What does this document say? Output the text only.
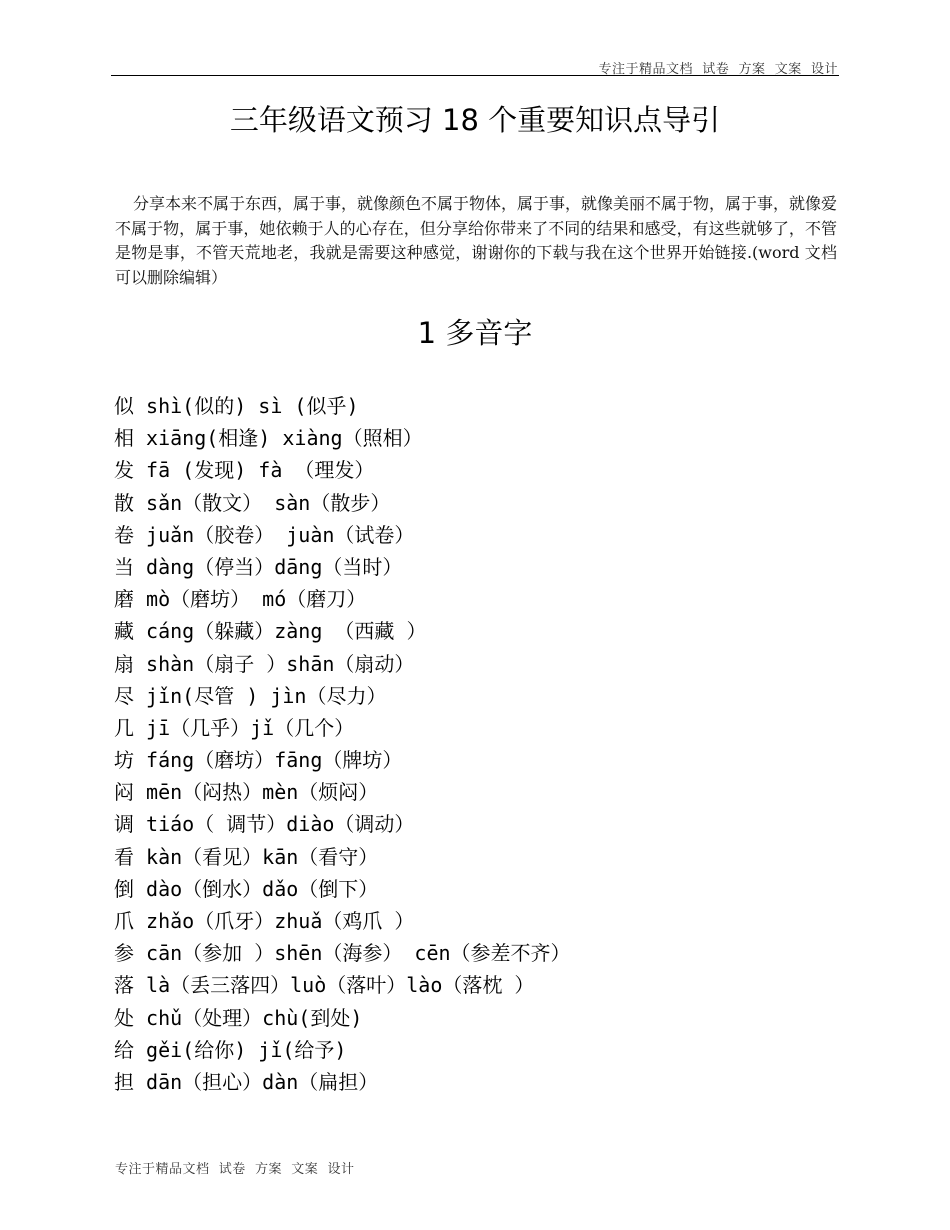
专注于精品文档  试卷  方案  文案  设计
三年级语文预习 18 个重要知识点导引

分享本来不属于东西，属于事，就像颜色不属于物体，属于事，就像美丽不属于物，属于事，就像爱不属于物，属于事，她依赖于人的心存在，但分享给你带来了不同的结果和感受，有这些就够了，不管是物是事，不管天荒地老，我就是需要这种感觉，谢谢你的下载与我在这个世界开始链接.(word 文档可以删除编辑）

1 多音字
似 shì(似的) sì (似乎)
相 xiāng(相逢) xiàng（照相）
发 fā (发现) fà （理发）
散 sǎn（散文） sàn（散步）
卷 juǎn（胶卷） juàn（试卷）
当 dàng（停当）dāng（当时）
磨 mò（磨坊） mó（磨刀）
藏 cáng（躲藏）zàng （西藏 ）
扇 shàn（扇子 ）shān（扇动）
尽 jǐn(尽管 ) jìn（尽力）
几 jī（几乎）jǐ（几个）
坊 fáng（磨坊）fāng（牌坊）
闷 mēn（闷热）mèn（烦闷）
调 tiáo（ 调节）diào（调动）
看 kàn（看见）kān（看守）
倒 dào（倒水）dǎo（倒下）
爪 zhǎo（爪牙）zhuǎ（鸡爪 ）
参 cān（参加 ）shēn（海参） cēn（参差不齐）
落 là（丢三落四）luò（落叶）lào（落枕 ）
处 chǔ（处理）chù(到处)
给 gěi(给你) jǐ(给予)
担 dān（担心）dàn（扁担）
专注于精品文档  试卷  方案  文案  设计
